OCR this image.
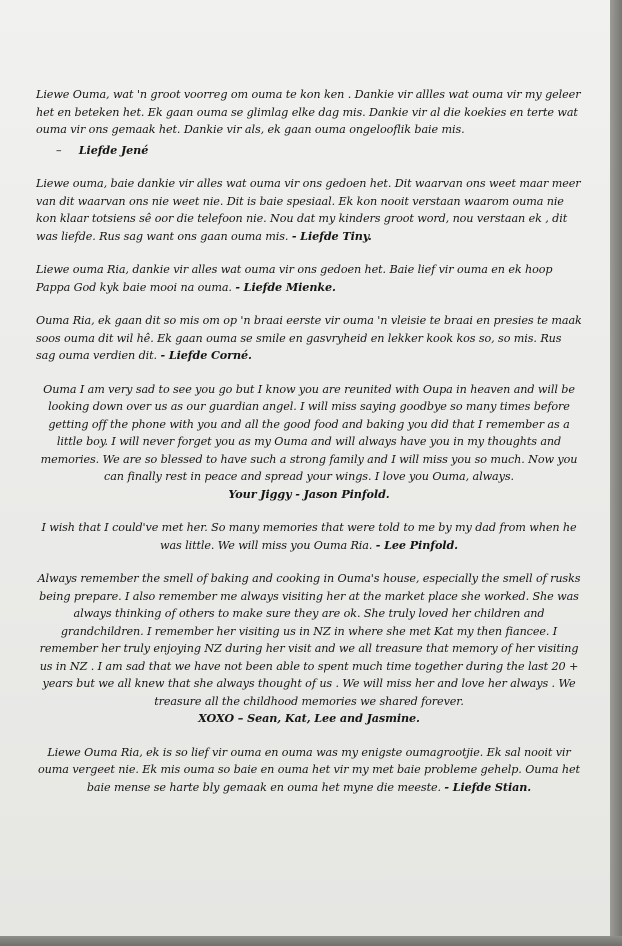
Liewe Ouma, wat 'n groot voorreg om ouma te kon ken . Dankie vir allles wat ouma vir my geleer het en beteken het. Ek gaan ouma se glimlag elke dag mis. Dankie vir al die koekies en terte wat ouma vir ons gemaak het. Dankie vir als, ek gaan ouma ongelooflik baie mis.

– Liefde Jené

Liewe ouma, baie dankie vir alles wat ouma vir ons gedoen het. Dit waarvan ons weet maar meer van dit waarvan ons nie weet nie. Dit is baie spesiaal. Ek kon nooit verstaan waarom ouma nie kon klaar totsiens sê oor die telefoon nie. Nou dat my kinders groot word, nou verstaan ek , dit was liefde. Rus sag want ons gaan ouma mis. - Liefde Tiny.

Liewe ouma Ria, dankie vir alles wat ouma vir ons gedoen het. Baie lief vir ouma en ek hoop Pappa God kyk baie mooi na ouma. - Liefde Mienke.

Ouma Ria, ek gaan dit so mis om op 'n braai eerste vir ouma 'n vleisie te braai en presies te maak soos ouma dit wil hê. Ek gaan ouma se smile en gasvryheid en lekker kook kos so, so mis. Rus sag ouma verdien dit. - Liefde Corné.

Ouma I am very sad to see you go but I know you are reunited with Oupa in heaven and will be looking down over us as our guardian angel. I will miss saying goodbye so many times before getting off the phone with you and all the good food and baking you did that I remember as a little boy. I will never forget you as my Ouma and will always have you in my thoughts and memories. We are so blessed to have such a strong family and I will miss you so much. Now you can finally rest in peace and spread your wings. I love you Ouma, always.
Your Jiggy - Jason Pinfold.

I wish that I could've met her. So many memories that were told to me by my dad from when he was little. We will miss you Ouma Ria. - Lee Pinfold.

Always remember the smell of baking and cooking in Ouma's house, especially the smell of rusks being prepare. I also remember me always visiting her at the market place she worked. She was always thinking of others to make sure they are ok. She truly loved her children and grandchildren. I remember her visiting us in NZ in where she met Kat my then fiancee. I remember her truly enjoying NZ during her visit and we all treasure that memory of her visiting us in NZ . I am sad that we have not been able to spent much time together during the last 20 + years but we all knew that she always thought of us . We will miss her and love her always . We treasure all the childhood memories we shared forever.
XOXO – Sean, Kat, Lee and Jasmine.

Liewe Ouma Ria, ek is so lief vir ouma en ouma was my enigste oumagrootjie. Ek sal nooit vir ouma vergeet nie. Ek mis ouma so baie en ouma het vir my met baie probleme gehelp. Ouma het baie mense se harte bly gemaak en ouma het myne die meeste. - Liefde Stian.
